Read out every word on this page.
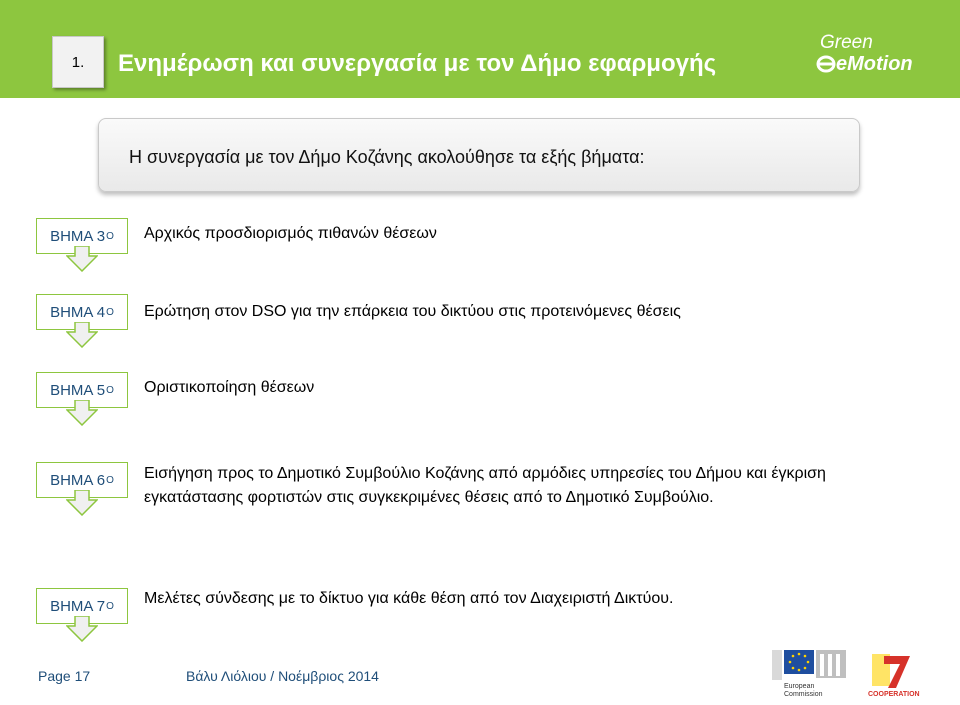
1. Ενημέρωση και συνεργασία με τον Δήμο εφαρμογής
Green
eMotion
Η συνεργασία με τον Δήμο Κοζάνης ακολούθησε τα εξής βήματα:
ΒΗΜΑ 3 Ο Αρχικός προσδιορισμός πιθανών θέσεων
ΒΗΜΑ 4 Ο Ερώτηση στον DSO για την επάρκεια του δικτύου στις προτεινόμενες θέσεις
ΒΗΜΑ 5 Ο Οριστικοποίηση θέσεων
ΒΗΜΑ 6 Ο Εισήγηση προς το Δημοτικό Συμβούλιο Κοζάνης από αρμόδιες υπηρεσίες του Δήμου και έγκριση εγκατάστασης φορτιστών στις συγκεκριμένες θέσεις από το Δημοτικό Συμβούλιο.
ΒΗΜΑ 7 Ο Μελέτες σύνδεσης με το δίκτυο για κάθε θέση από τον Διαχειριστή Δικτύου.
Page 17	Βάλυ Λιόλιου / Νοέμβριος 2014
European
Commission	COOPERATION
